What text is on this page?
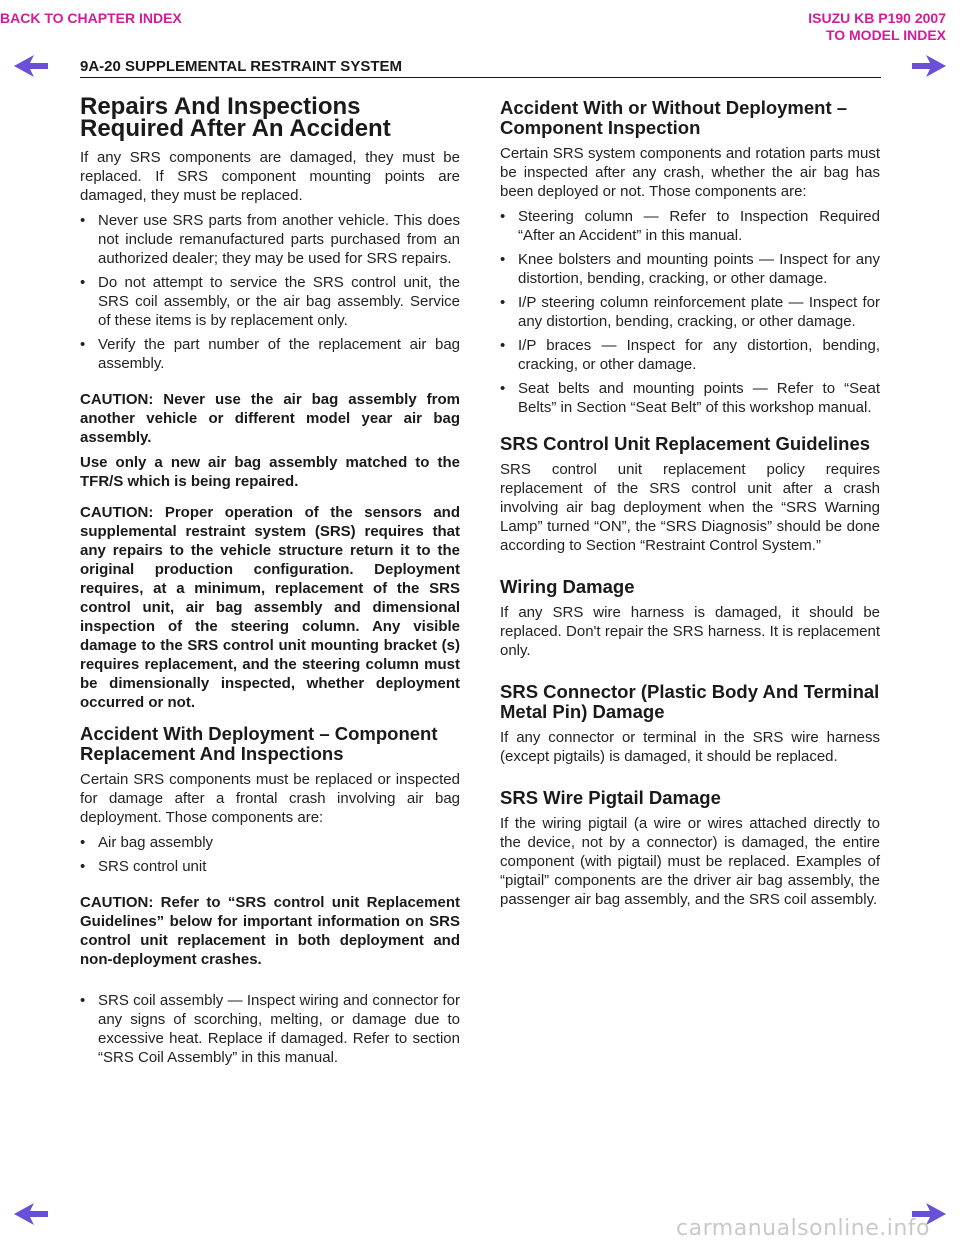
BACK TO CHAPTER INDEX	ISUZU KB P190 2007
TO MODEL INDEX
9A-20 SUPPLEMENTAL RESTRAINT SYSTEM
Repairs And Inspections Required After An Accident

If any SRS components are damaged, they must be replaced. If SRS component mounting points are damaged, they must be replaced.

• Never use SRS parts from another vehicle. This does not include remanufactured parts purchased from an authorized dealer; they may be used for SRS repairs.
• Do not attempt to service the SRS control unit, the SRS coil assembly, or the air bag assembly. Service of these items is by replacement only.
• Verify the part number of the replacement air bag assembly.

CAUTION: Never use the air bag assembly from another vehicle or different model year air bag assembly.

Use only a new air bag assembly matched to the TFR/S which is being repaired.

CAUTION: Proper operation of the sensors and supplemental restraint system (SRS) requires that any repairs to the vehicle structure return it to the original production configuration. Deployment requires, at a minimum, replacement of the SRS control unit, air bag assembly and dimensional inspection of the steering column. Any visible damage to the SRS control unit mounting bracket (s) requires replacement, and the steering column must be dimensionally inspected, whether deployment occurred or not.

Accident With Deployment – Component Replacement And Inspections

Certain SRS components must be replaced or inspected for damage after a frontal crash involving air bag deployment. Those components are:

• Air bag assembly
• SRS control unit

CAUTION: Refer to “SRS control unit Replacement Guidelines” below for important information on SRS control unit replacement in both deployment and non-deployment crashes.

• SRS coil assembly — Inspect wiring and connector for any signs of scorching, melting, or damage due to excessive heat. Replace if damaged. Refer to section “SRS Coil Assembly” in this manual.
Accident With or Without Deployment – Component Inspection

Certain SRS system components and rotation parts must be inspected after any crash, whether the air bag has been deployed or not. Those components are:

• Steering column — Refer to Inspection Required “After an Accident” in this manual.
• Knee bolsters and mounting points — Inspect for any distortion, bending, cracking, or other damage.
• I/P steering column reinforcement plate — Inspect for any distortion, bending, cracking, or other damage.
• I/P braces — Inspect for any distortion, bending, cracking, or other damage.
• Seat belts and mounting points — Refer to “Seat Belts” in Section “Seat Belt” of this workshop manual.
SRS Control Unit Replacement Guidelines

SRS control unit replacement policy requires replacement of the SRS control unit after a crash involving air bag deployment when the “SRS Warning Lamp” turned “ON”, the “SRS Diagnosis” should be done according to Section “Restraint Control System.”

Wiring Damage

If any SRS wire harness is damaged, it should be replaced. Don't repair the SRS harness. It is replacement only.

SRS Connector (Plastic Body And Terminal Metal Pin) Damage

If any connector or terminal in the SRS wire harness (except pigtails) is damaged, it should be replaced.

SRS Wire Pigtail Damage

If the wiring pigtail (a wire or wires attached directly to the device, not by a connector) is damaged, the entire component (with pigtail) must be replaced. Examples of “pigtail” components are the driver air bag assembly, the passenger air bag assembly, and the SRS coil assembly.

carmanualsonline.info
